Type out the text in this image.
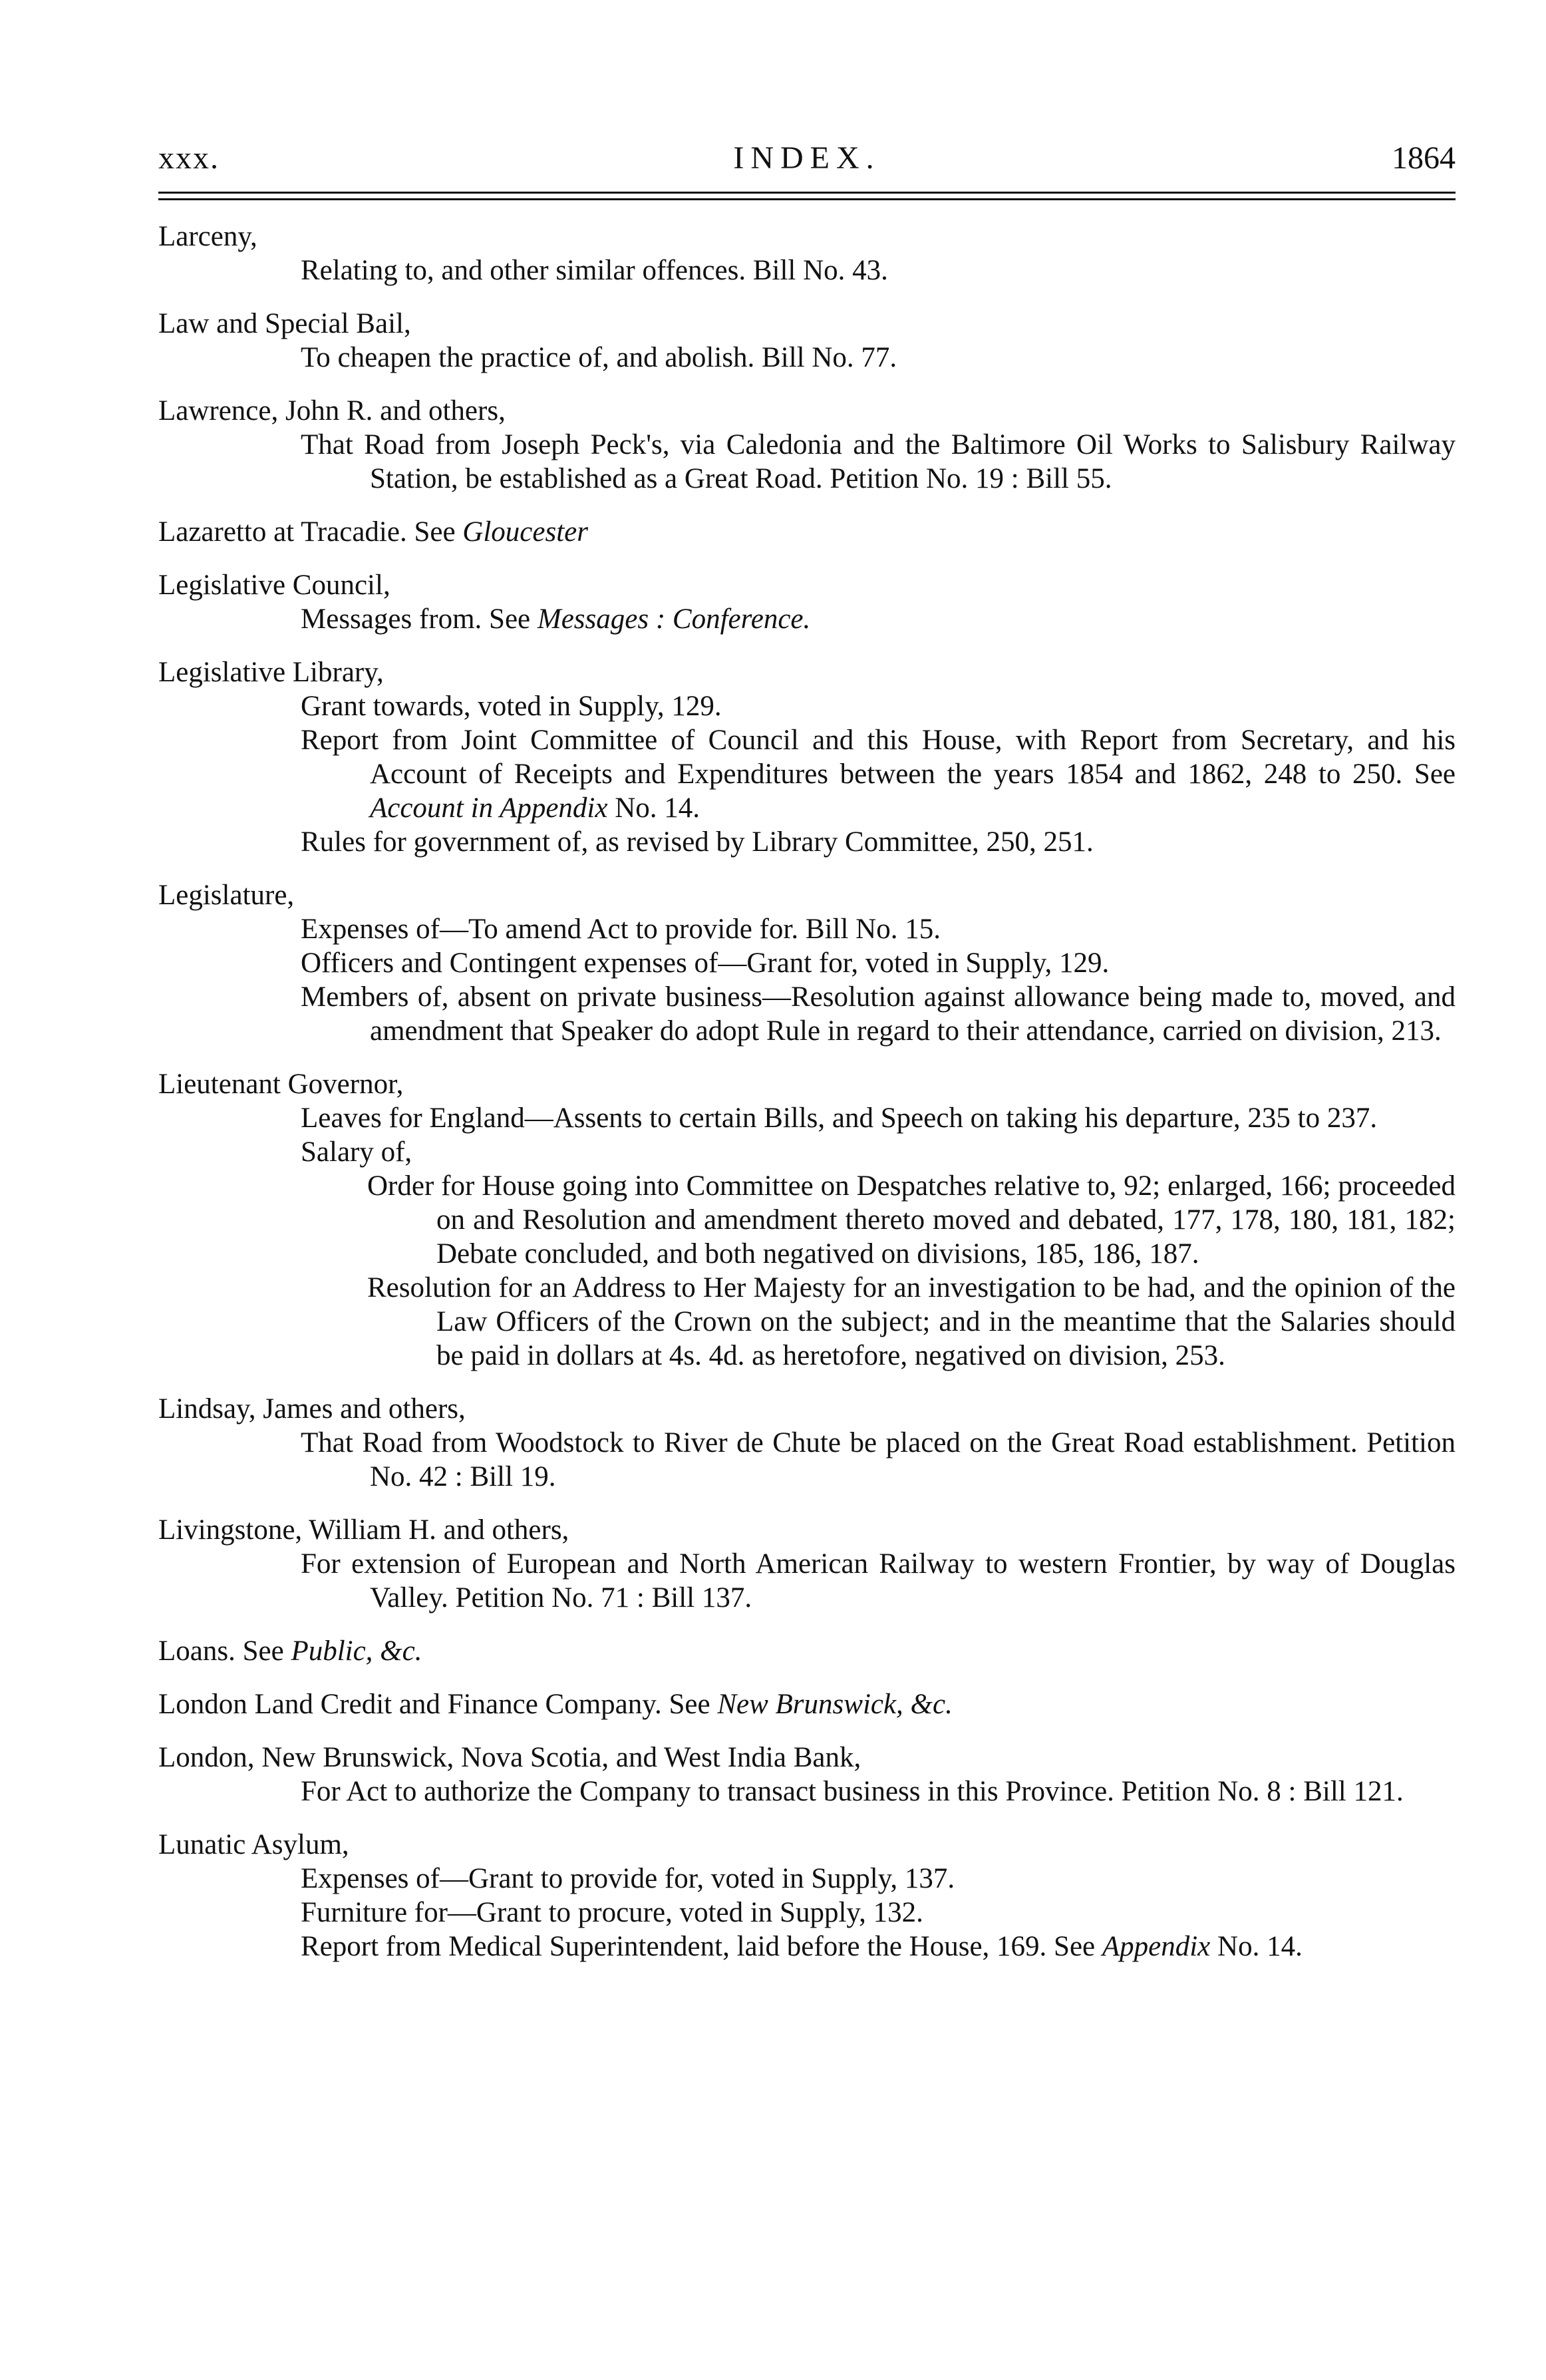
xxx.	INDEX.	1864
Larceny,
Relating to, and other similar offences. Bill No. 43.
Law and Special Bail,
To cheapen the practice of, and abolish. Bill No. 77.
Lawrence, John R. and others,
That Road from Joseph Peck's, via Caledonia and the Baltimore Oil Works to Salisbury Railway Station, be established as a Great Road. Petition No. 19 : Bill 55.
Lazaretto at Tracadie. See Gloucester
Legislative Council,
Messages from. See Messages : Conference.
Legislative Library,
Grant towards, voted in Supply, 129.
Report from Joint Committee of Council and this House, with Report from Secretary, and his Account of Receipts and Expenditures between the years 1854 and 1862, 248 to 250. See Account in Appendix No. 14.
Rules for government of, as revised by Library Committee, 250, 251.
Legislature,
Expenses of—To amend Act to provide for. Bill No. 15.
Officers and Contingent expenses of—Grant for, voted in Supply, 129.
Members of, absent on private business—Resolution against allowance being made to, moved, and amendment that Speaker do adopt Rule in regard to their attendance, carried on division, 213.
Lieutenant Governor,
Leaves for England—Assents to certain Bills, and Speech on taking his departure, 235 to 237.
Salary of,
Order for House going into Committee on Despatches relative to, 92; enlarged, 166; proceeded on and Resolution and amendment thereto moved and debated, 177, 178, 180, 181, 182; Debate concluded, and both negatived on divisions, 185, 186, 187.
Resolution for an Address to Her Majesty for an investigation to be had, and the opinion of the Law Officers of the Crown on the subject; and in the meantime that the Salaries should be paid in dollars at 4s. 4d. as heretofore, negatived on division, 253.
Lindsay, James and others,
That Road from Woodstock to River de Chute be placed on the Great Road establishment. Petition No. 42 : Bill 19.
Livingstone, William H. and others,
For extension of European and North American Railway to western Frontier, by way of Douglas Valley. Petition No. 71 : Bill 137.
Loans. See Public, &c.
London Land Credit and Finance Company. See New Brunswick, &c.
London, New Brunswick, Nova Scotia, and West India Bank,
For Act to authorize the Company to transact business in this Province. Petition No. 8 : Bill 121.
Lunatic Asylum,
Expenses of—Grant to provide for, voted in Supply, 137.
Furniture for—Grant to procure, voted in Supply, 132.
Report from Medical Superintendent, laid before the House, 169. See Appendix No. 14.
